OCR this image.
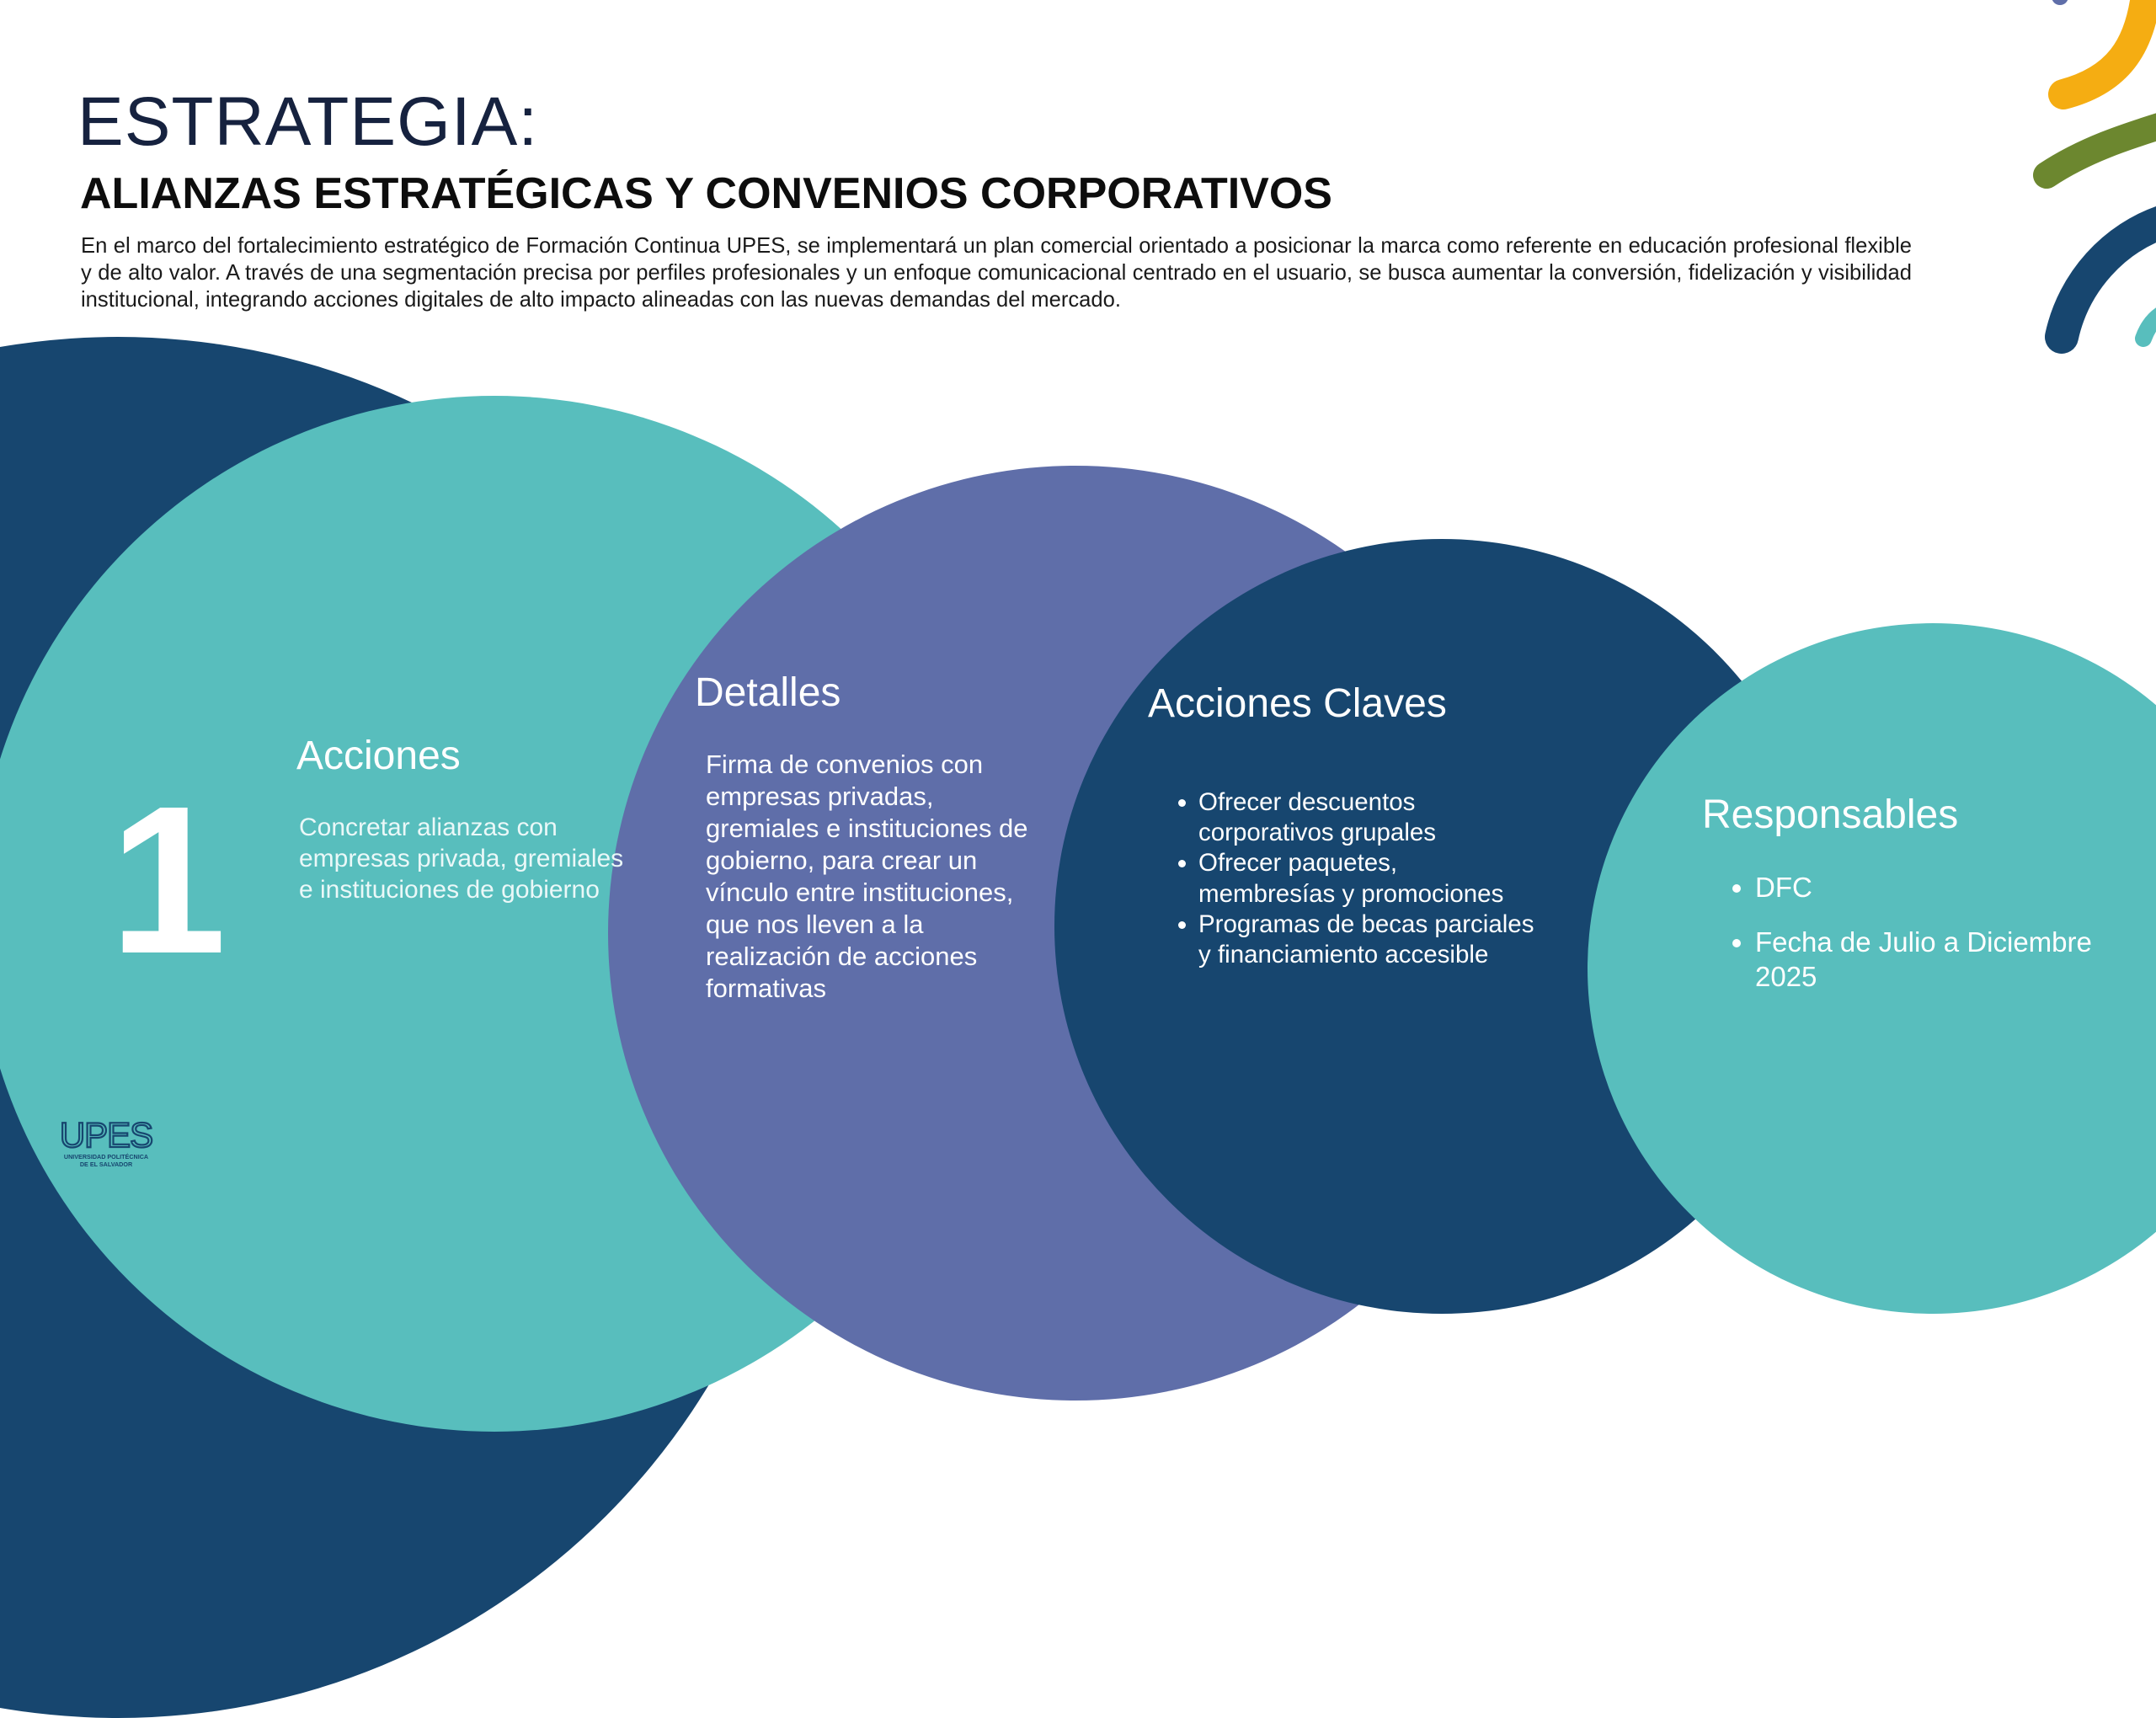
ESTRATEGIA:
ALIANZAS ESTRATÉGICAS Y CONVENIOS CORPORATIVOS

En el marco del fortalecimiento estratégico de Formación Continua UPES, se implementará un plan comercial orientado a posicionar la marca como referente en educación profesional flexible y de alto valor. A través de una segmentación precisa por perfiles profesionales y un enfoque comunicacional centrado en el usuario, se busca aumentar la conversión, fidelización y visibilidad institucional, integrando acciones digitales de alto impacto alineadas con las nuevas demandas del mercado.

1
Acciones

Concretar alianzas con empresas privada, gremiales e instituciones de gobierno

Detalles

Firma de convenios con empresas privadas, gremiales e instituciones de gobierno, para crear un vínculo entre instituciones, que nos lleven a la realización de acciones formativas

Acciones Claves
• Ofrecer descuentos corporativos grupales
• Ofrecer paquetes, membresías y promociones
• Programas de becas parciales y financiamiento accesible
Responsables
• DFC
• Fecha de Julio a Diciembre 2025
UPES
UNIVERSIDAD POLITÉCNICA
DE EL SALVADOR
